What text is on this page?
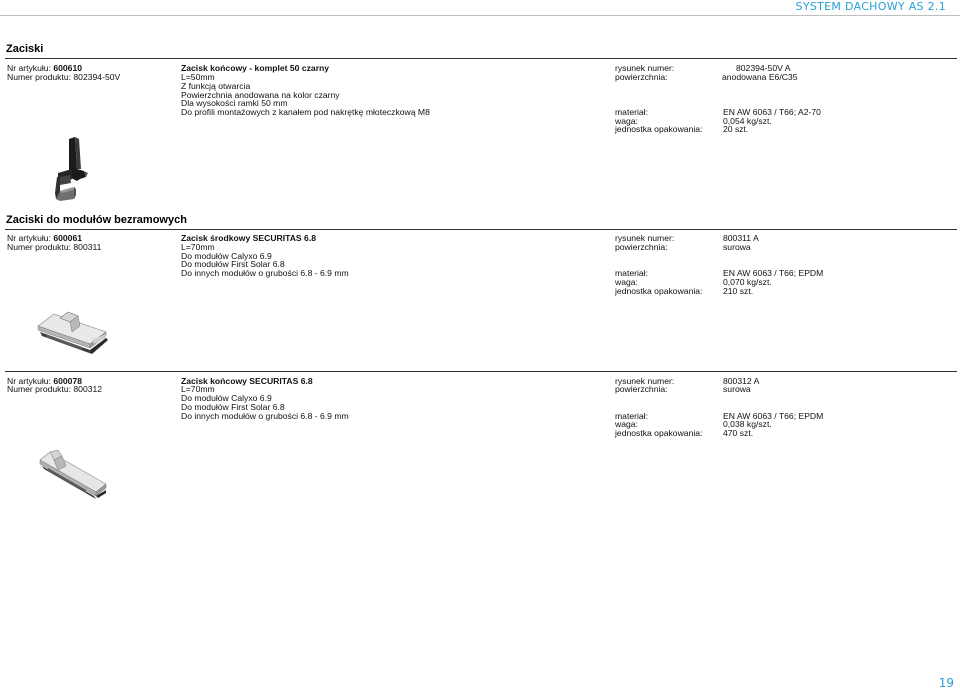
SYSTEM DACHOWY AS 2.1
Zaciski
Nr artykułu: 600610
Numer produktu: 802394-50V
Zacisk końcowy - komplet 50 czarny
L=50mm
Z funkcją otwarcia
Powierzchnia anodowana na kolor czarny
Dla wysokości ramki 50 mm
Do profili montażowych z kanałem pod nakrętkę młoteczkową M8
rysunek numer:	802394-50V A
powierzchnia:	anodowana E6/C35
materiał:	EN AW 6063 / T66; A2-70
waga:	0,054 kg/szt.
jednostka opakowania: 20 szt.
Zaciski do modułów bezramowych
Nr artykułu: 600061
Numer produktu: 800311
Zacisk środkowy SECURITAS 6.8
L=70mm
Do modułów Calyxo 6.9
Do modułów First Solar 6.8
Do innych modułów o grubości 6.8 - 6.9 mm
rysunek numer:	800311 A
powierzchnia:	surowa
materiał:	EN AW 6063 / T66; EPDM
waga:	0,070 kg/szt.
jednostka opakowania: 210 szt.
Nr artykułu: 600078
Numer produktu: 800312
Zacisk końcowy SECURITAS 6.8
L=70mm
Do modułów Calyxo 6.9
Do modułów First Solar 6.8
Do innych modułów o grubości 6.8 - 6.9 mm
rysunek numer:	800312 A
powierzchnia:	surowa
materiał:	EN AW 6063 / T66; EPDM
waga:	0,038 kg/szt.
jednostka opakowania: 470 szt.
19
